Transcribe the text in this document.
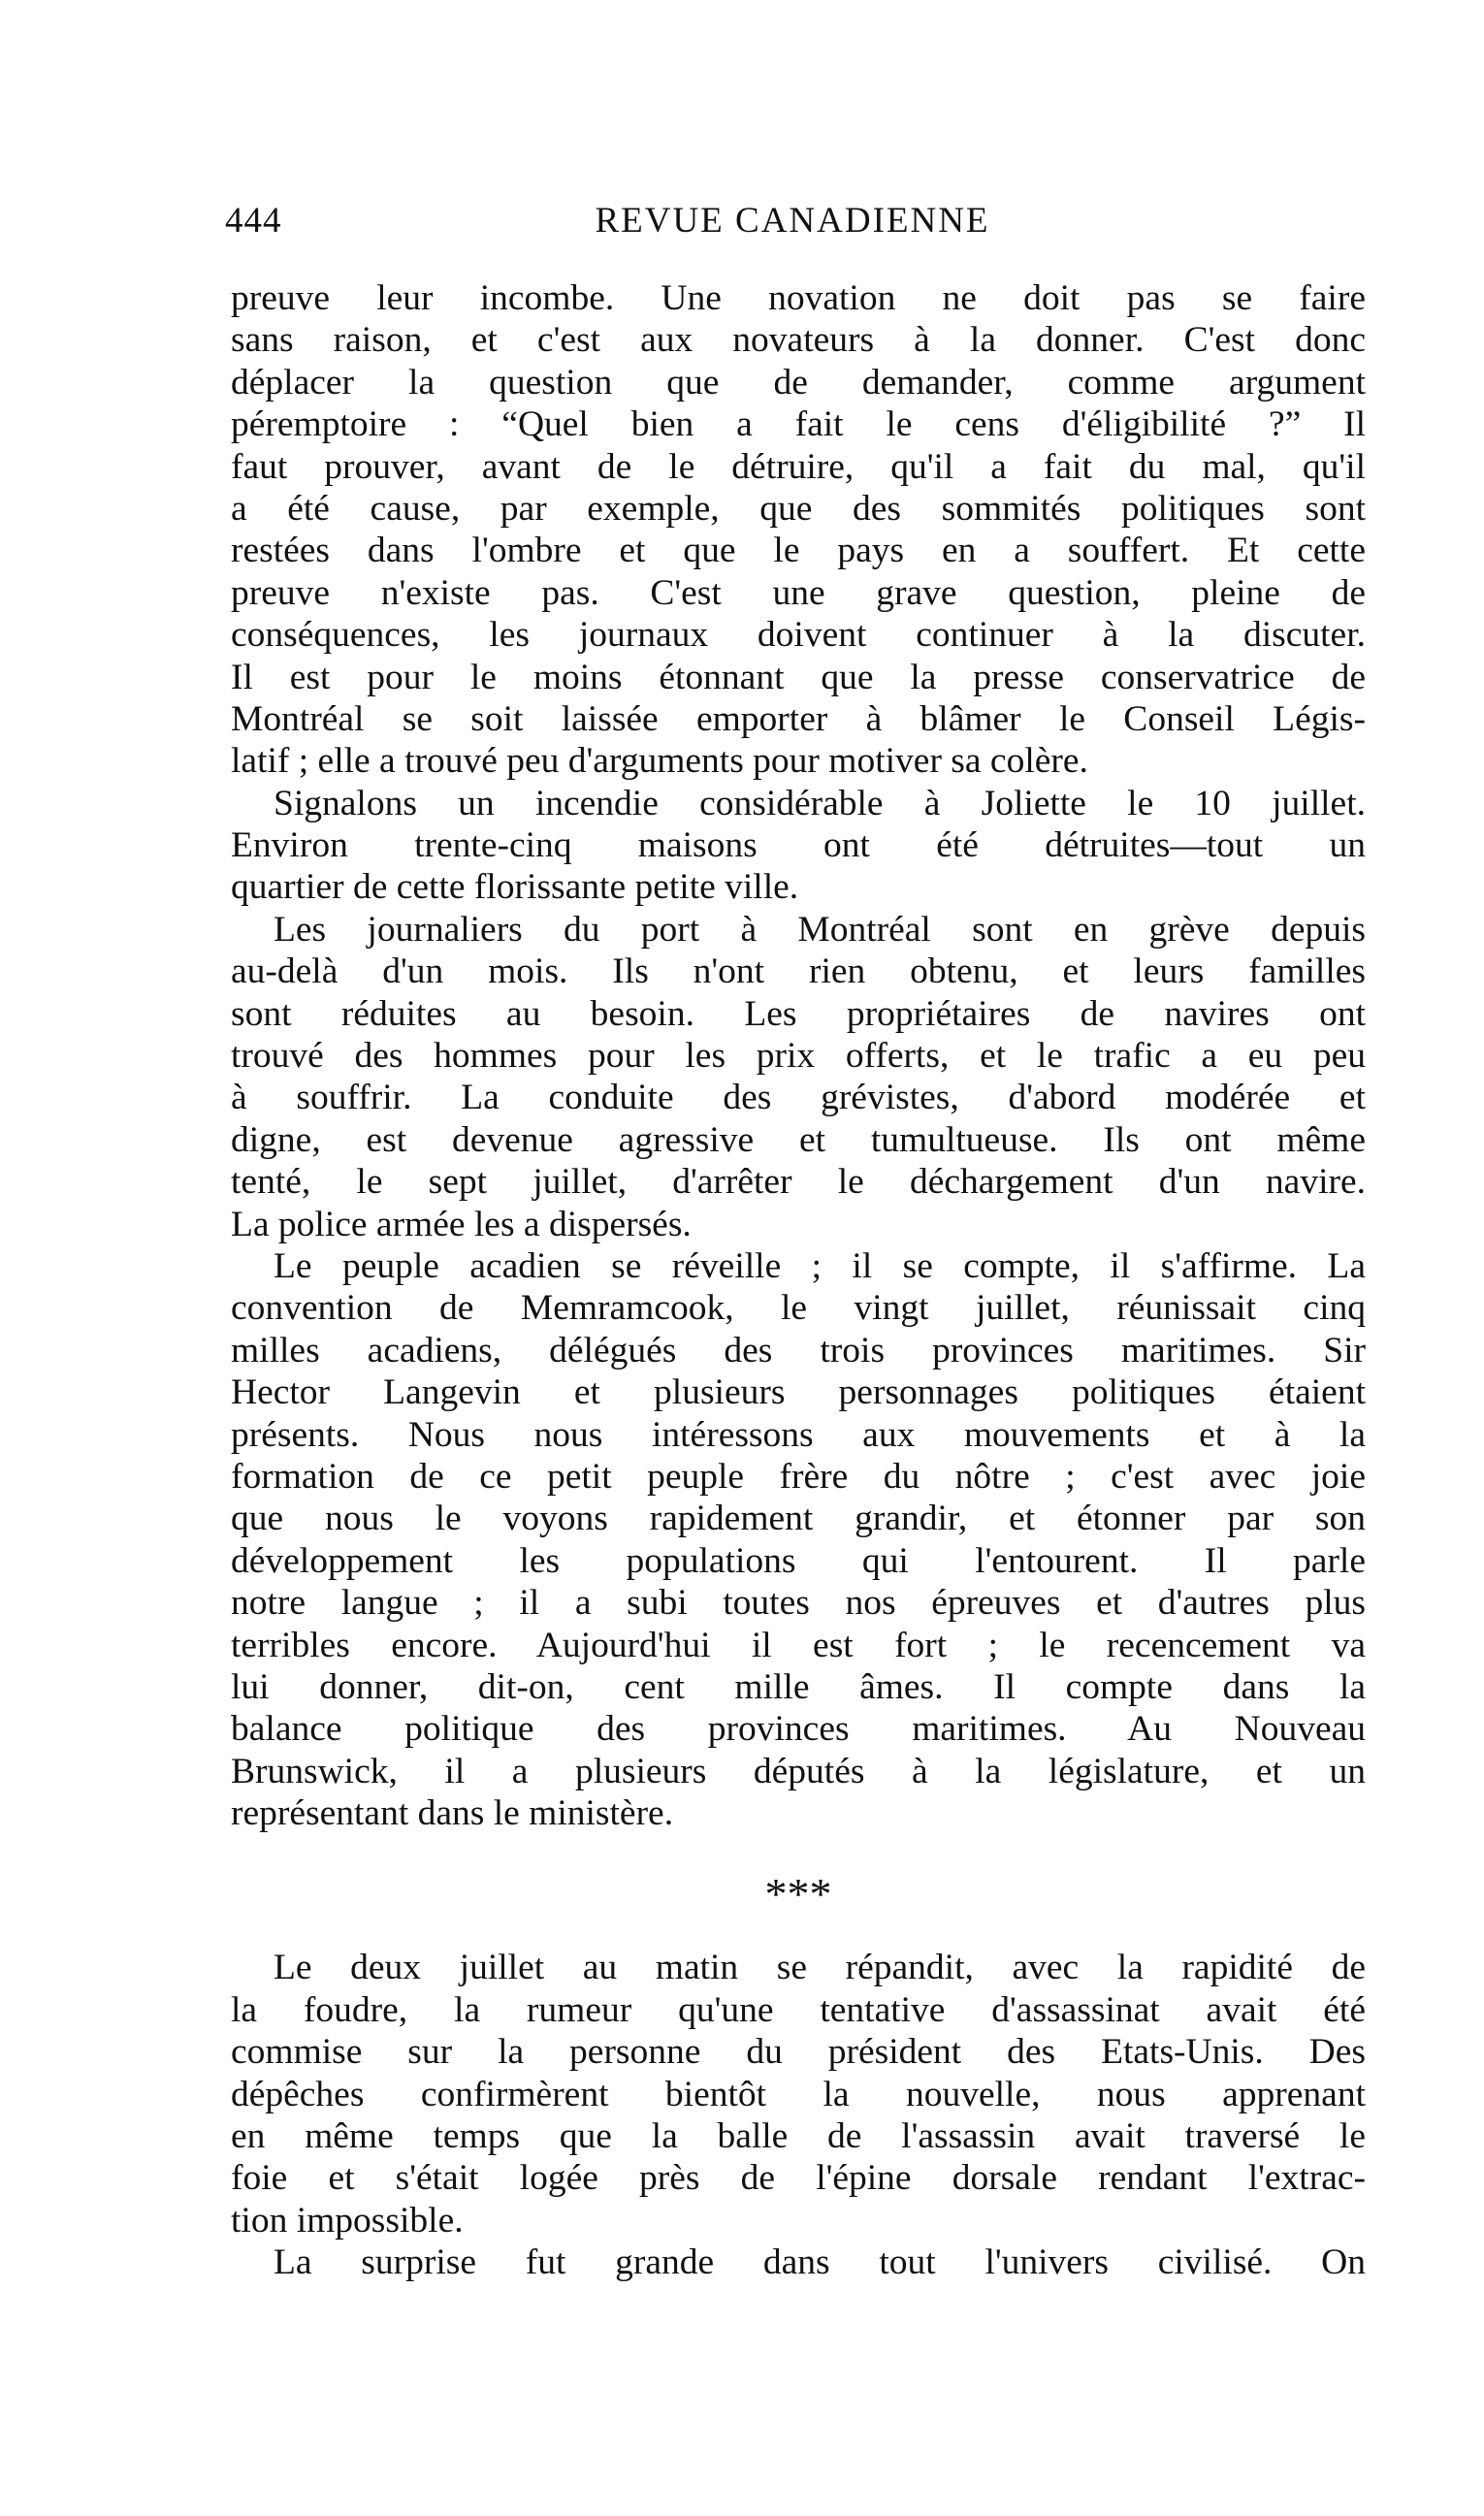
444	REVUE CANADIENNE
preuve leur incombe. Une novation ne doit pas se faire
sans raison, et c'est aux novateurs à la donner. C'est donc
déplacer la question que de demander, comme argument
péremptoire : “Quel bien a fait le cens d'éligibilité ?” Il
faut prouver, avant de le détruire, qu'il a fait du mal, qu'il
a été cause, par exemple, que des sommités politiques sont
restées dans l'ombre et que le pays en a souffert. Et cette
preuve n'existe pas. C'est une grave question, pleine de
conséquences, les journaux doivent continuer à la discuter.
Il est pour le moins étonnant que la presse conservatrice de
Montréal se soit laissée emporter à blâmer le Conseil Légis-
latif ; elle a trouvé peu d'arguments pour motiver sa colère.
Signalons un incendie considérable à Joliette le 10 juillet.
Environ trente-cinq maisons ont été détruites—tout un
quartier de cette florissante petite ville.
Les journaliers du port à Montréal sont en grève depuis
au-delà d'un mois. Ils n'ont rien obtenu, et leurs familles
sont réduites au besoin. Les propriétaires de navires ont
trouvé des hommes pour les prix offerts, et le trafic a eu peu
à souffrir. La conduite des grévistes, d'abord modérée et
digne, est devenue agressive et tumultueuse. Ils ont même
tenté, le sept juillet, d'arrêter le déchargement d'un navire.
La police armée les a dispersés.
Le peuple acadien se réveille ; il se compte, il s'affirme. La
convention de Memramcook, le vingt juillet, réunissait cinq
milles acadiens, délégués des trois provinces maritimes. Sir
Hector Langevin et plusieurs personnages politiques étaient
présents. Nous nous intéressons aux mouvements et à la
formation de ce petit peuple frère du nôtre ; c'est avec joie
que nous le voyons rapidement grandir, et étonner par son
développement les populations qui l'entourent. Il parle
notre langue ; il a subi toutes nos épreuves et d'autres plus
terribles encore. Aujourd'hui il est fort ; le recencement va
lui donner, dit-on, cent mille âmes. Il compte dans la
balance politique des provinces maritimes. Au Nouveau
Brunswick, il a plusieurs députés à la législature, et un
représentant dans le ministère.
***
Le deux juillet au matin se répandit, avec la rapidité de
la foudre, la rumeur qu'une tentative d'assassinat avait été
commise sur la personne du président des Etats-Unis. Des
dépêches confirmèrent bientôt la nouvelle, nous apprenant
en même temps que la balle de l'assassin avait traversé le
foie et s'était logée près de l'épine dorsale rendant l'extrac-
tion impossible.
La surprise fut grande dans tout l'univers civilisé. On
